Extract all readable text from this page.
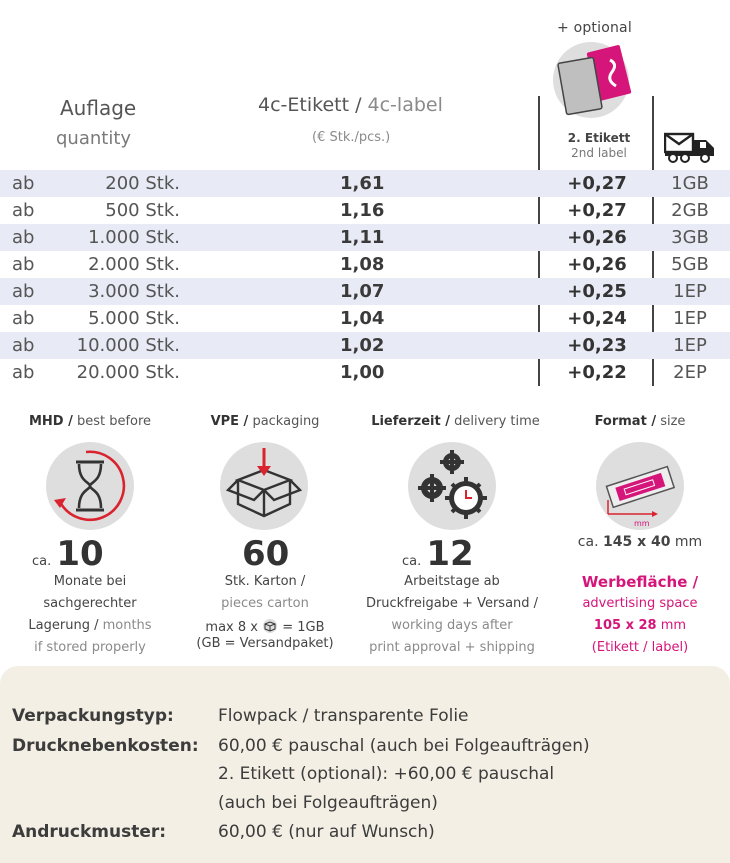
+ optional
Auflage
quantity
4c-Etikett / 4c-label
(€ Stk./pcs.)	2. Etikett
2nd label
ab	200 Stk.	1,61	+0,27	1GB
ab	500 Stk.	1,16	+0,27	2GB
ab	1.000 Stk.	1,11	+0,26	3GB
ab	2.000 Stk.	1,08	+0,26	5GB
ab	3.000 Stk.	1,07	+0,25	1EP
ab	5.000 Stk.	1,04	+0,24	1EP
ab 10.000 Stk.	1,02	+0,23	1EP
ab 20.000 Stk.	1,00	+0,22	2EP
MHD / best before
ca. 10
Monate bei
sachgerechter
Lagerung / months
if stored properly
VPE / packaging
60
Stk. Karton /
pieces carton
max 8 x = 1GB
(GB = Versandpaket)
Lieferzeit / delivery time
ca. 12
Arbeitstage ab
Druckfreigabe + Versand /
working days after
print approval + shipping
Format / size
mm
ca. 145 x 40 mm
Werbefläche /
advertising space
105 x 28 mm
(Etikett / label)
Verpackungstyp:	Flowpack / transparente Folie
Drucknebenkosten: 60,00 € pauschal (auch bei Folgeaufträgen)
2. Etikett (optional): +60,00 € pauschal
(auch bei Folgeaufträgen)
Andruckmuster:	60,00 € (nur auf Wunsch)
